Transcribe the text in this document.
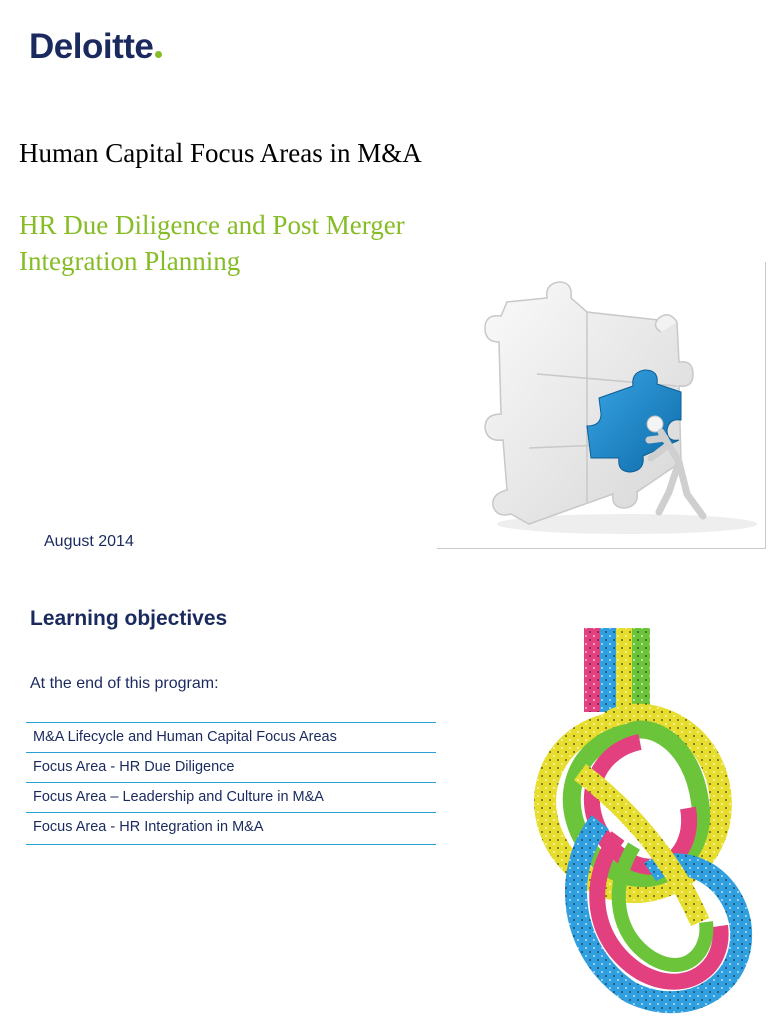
Deloitte
Human Capital Focus Areas in M&A
HR Due Diligence and Post Merger
Integration Planning
August 2014
Learning objectives
At the end of this program:
M&A Lifecycle and Human Capital Focus Areas
Focus Area - HR Due Diligence
Focus Area – Leadership and Culture in M&A
Focus Area - HR Integration in M&A
